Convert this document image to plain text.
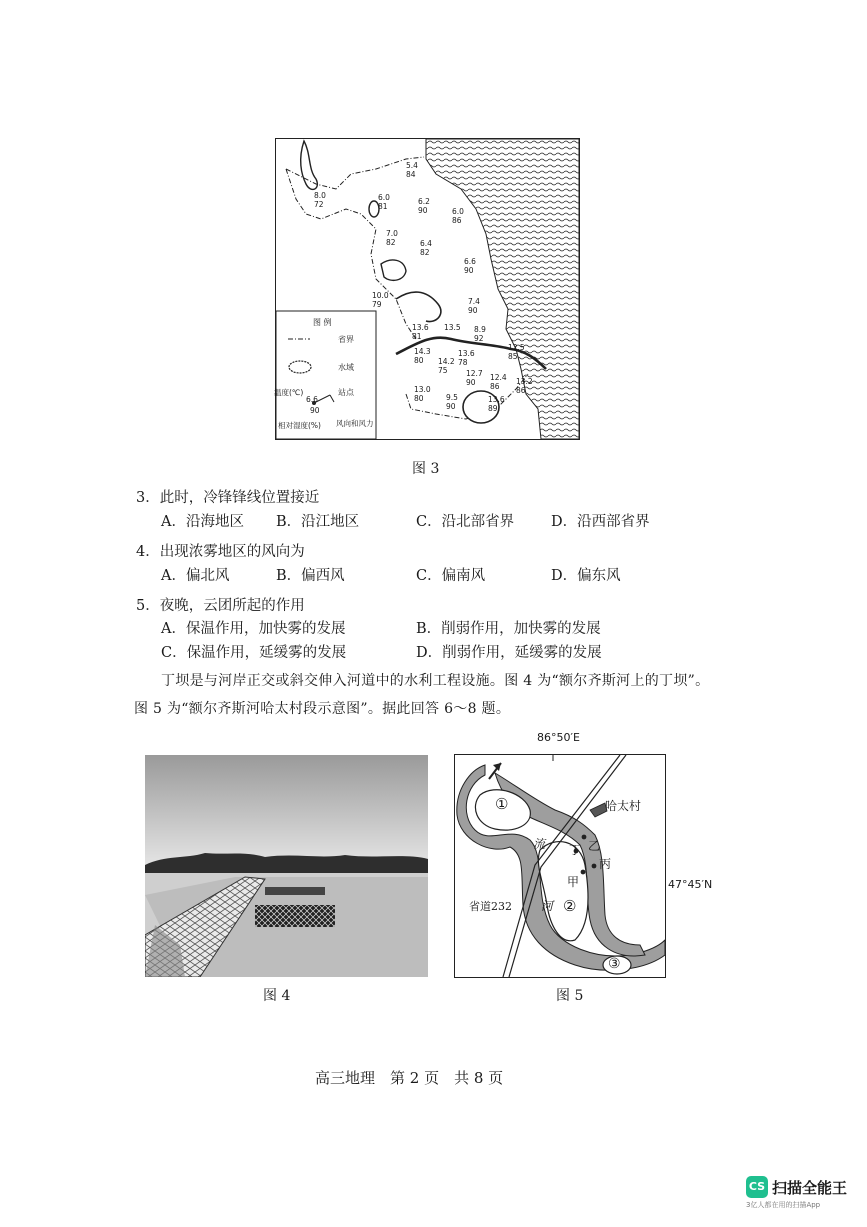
图 例
省界
水域
站点
温度(℃)
6.6
90
风向和风力
相对湿度(%)
5.4
84
8.0
72
6.0
81
6.2
90	6.0
86
7.0
82	6.4
82
6.6
90
10.0
79	7.4
90
13.6
81
13.5 8.9
92
12.5
85
14.3
80	14.2
75
13.6
78
12.7
90
12.4
86
13.2
86
13.0
80	9.5
90
13.6
89
图 3
3．此时，冷锋锋线位置接近
A．沿海地区 B．沿江地区	C．沿北部省界	D．沿西部省界
4．出现浓雾地区的风向为
A．偏北风	B．偏西风	C．偏南风	D．偏东风
5．夜晚，云团所起的作用
A．保温作用，加快雾的发展	B．削弱作用，加快雾的发展
C．保温作用，延缓雾的发展	D．削弱作用，延缓雾的发展
丁坝是与河岸正交或斜交伸入河道中的水利工程设施。图 4 为“额尔齐斯河上的丁坝”。
图 5 为“额尔齐斯河哈太村段示意图”。据此回答 6～8 题。
图 4
86°50′E
47°45′N
①
②
③
哈太村
流
河
乙
丁
丙
甲
省道232
图 5
高三地理　第 2 页　共 8 页
CS 扫描全能王
3亿人都在用的扫描App
